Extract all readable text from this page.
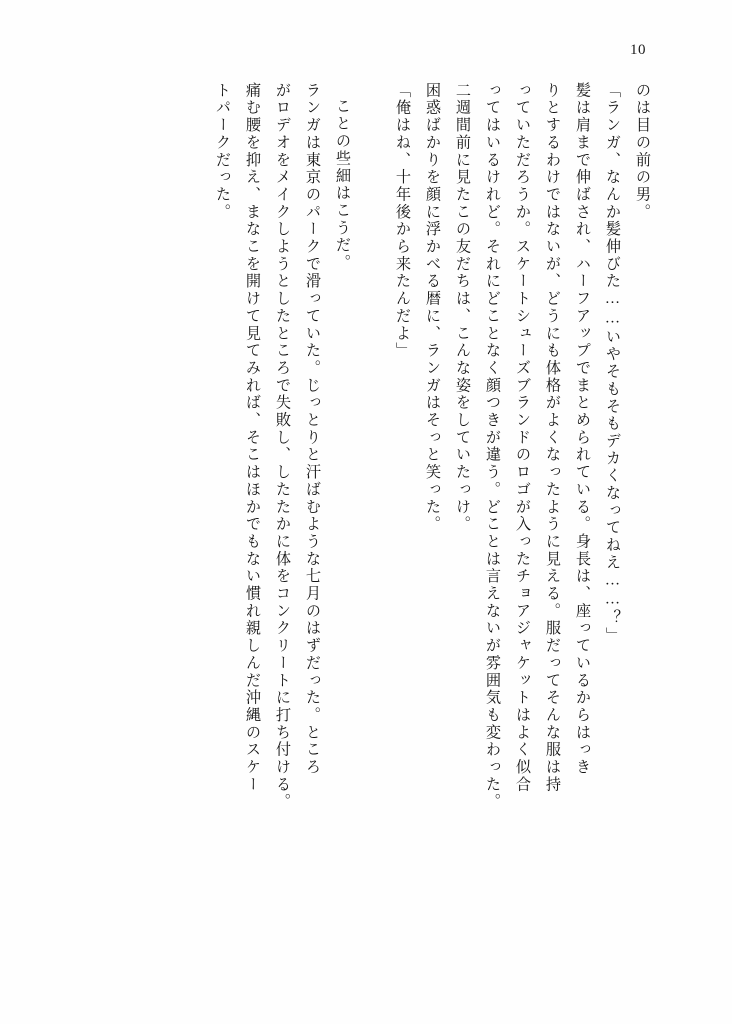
10
のは目の前の男。
「ランガ、なんか髪伸びた……いやそもそもデカくなってねえ……？」
髪は肩まで伸ばされ、ハーフアップでまとめられている。身長は、座っているからはっき
りとするわけではないが、どうにも体格がよくなったように見える。服だってそんな服は持
っていただろうか。スケートシューズブランドのロゴが入ったチョアジャケットはよく似合
ってはいるけれど。それにどことなく顔つきが違う。どことは言えないが雰囲気も変わった。
二週間前に見たこの友だちは、こんな姿をしていたっけ。
困惑ばかりを顔に浮かべる暦に、ランガはそっと笑った。
「俺はね、十年後から来たんだよ」
ことの些細はこうだ。
ランガは東京のパークで滑っていた。じっとりと汗ばむような七月のはずだった。ところ
がロデオをメイクしようとしたところで失敗し、したたかに体をコンクリートに打ち付ける。
痛む腰を抑え、まなこを開けて見てみれば、そこはほかでもない慣れ親しんだ沖縄のスケー
トパークだった。
